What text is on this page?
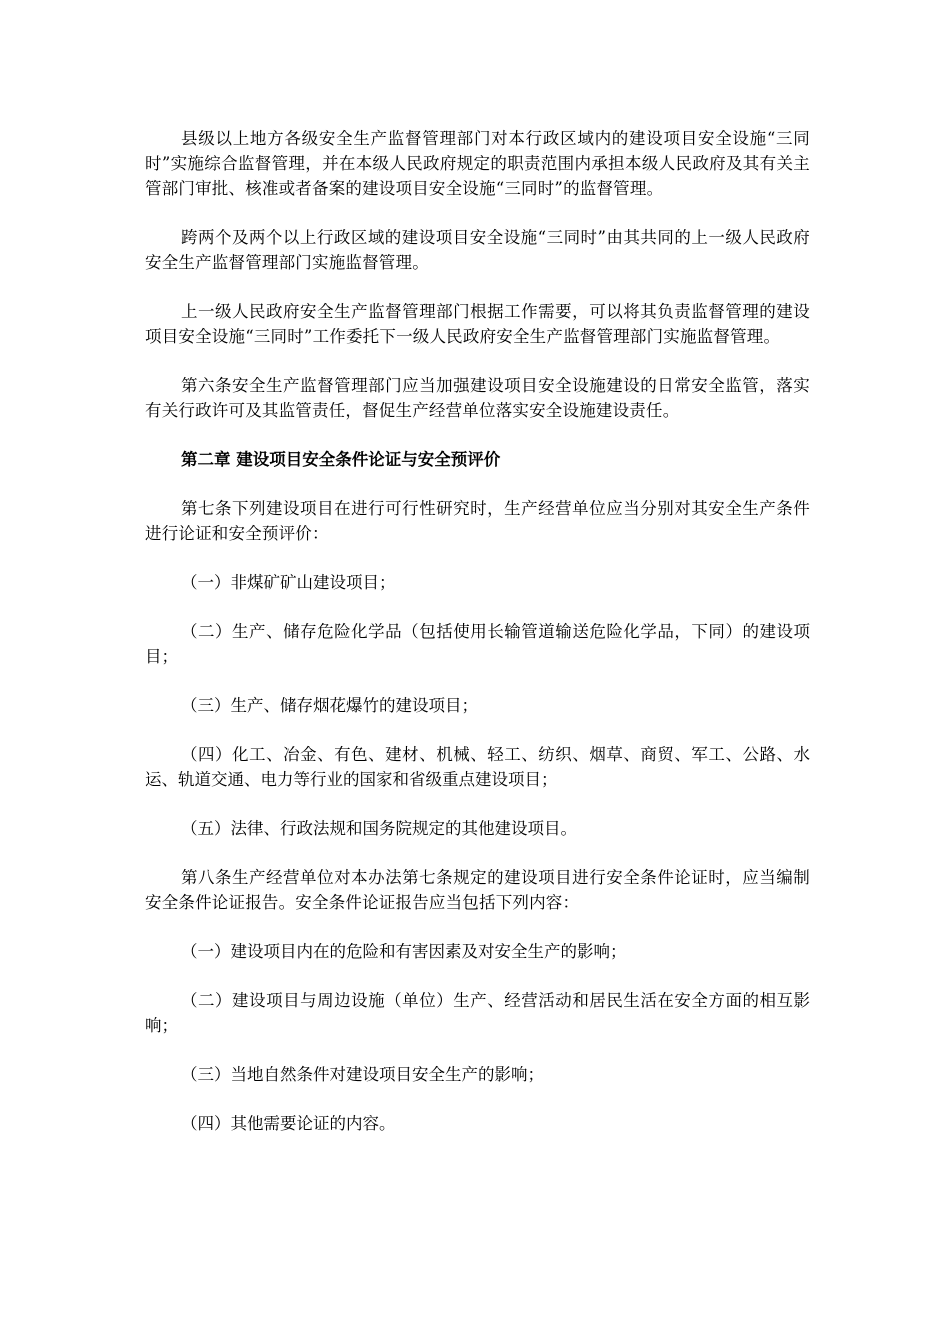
县级以上地方各级安全生产监督管理部门对本行政区域内的建设项目安全设施“三同时”实施综合监督管理，并在本级人民政府规定的职责范围内承担本级人民政府及其有关主管部门审批、核准或者备案的建设项目安全设施“三同时”的监督管理。

跨两个及两个以上行政区域的建设项目安全设施“三同时”由其共同的上一级人民政府安全生产监督管理部门实施监督管理。

上一级人民政府安全生产监督管理部门根据工作需要，可以将其负责监督管理的建设项目安全设施“三同时”工作委托下一级人民政府安全生产监督管理部门实施监督管理。

第六条安全生产监督管理部门应当加强建设项目安全设施建设的日常安全监管，落实有关行政许可及其监管责任，督促生产经营单位落实安全设施建设责任。

第二章 建设项目安全条件论证与安全预评价

第七条下列建设项目在进行可行性研究时，生产经营单位应当分别对其安全生产条件进行论证和安全预评价：

（一）非煤矿矿山建设项目；

（二）生产、储存危险化学品（包括使用长输管道输送危险化学品，下同）的建设项目；

（三）生产、储存烟花爆竹的建设项目；

（四）化工、冶金、有色、建材、机械、轻工、纺织、烟草、商贸、军工、公路、水运、轨道交通、电力等行业的国家和省级重点建设项目；

（五）法律、行政法规和国务院规定的其他建设项目。

第八条生产经营单位对本办法第七条规定的建设项目进行安全条件论证时，应当编制安全条件论证报告。安全条件论证报告应当包括下列内容：

（一）建设项目内在的危险和有害因素及对安全生产的影响；

（二）建设项目与周边设施（单位）生产、经营活动和居民生活在安全方面的相互影响；

（三）当地自然条件对建设项目安全生产的影响；

（四）其他需要论证的内容。
